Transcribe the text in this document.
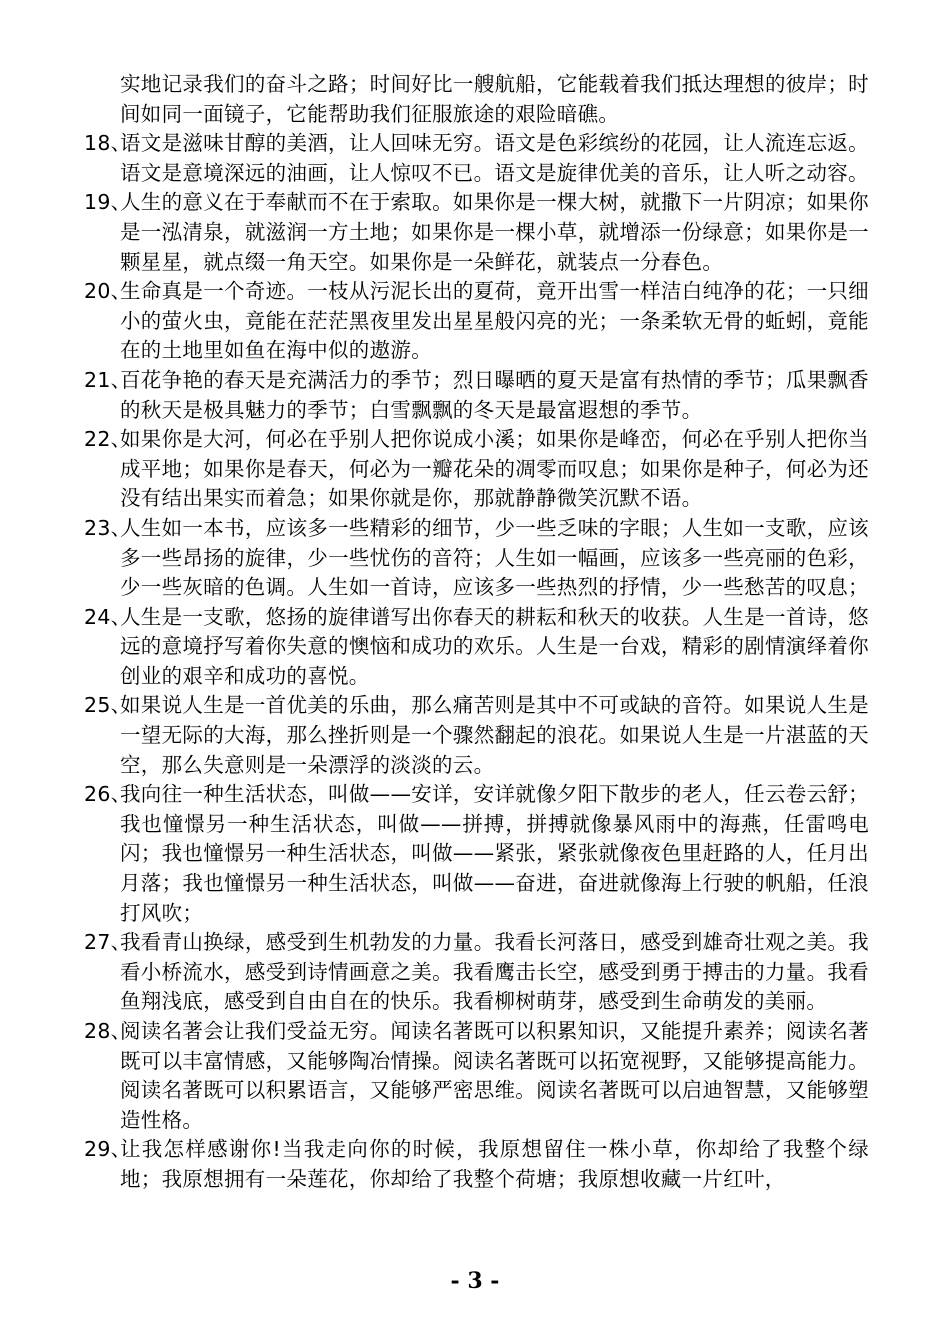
实地记录我们的奋斗之路；时间好比一艘航船，它能载着我们抵达理想的彼岸；时间如同一面镜子，它能帮助我们征服旅途的艰险暗礁。
18、
语文是滋味甘醇的美酒，让人回味无穷。语文是色彩缤纷的花园，让人流连忘返。语文是意境深远的油画，让人惊叹不已。语文是旋律优美的音乐，让人听之动容。
19、
人生的意义在于奉献而不在于索取。如果你是一棵大树，就撒下一片阴凉；如果你是一泓清泉，就滋润一方土地；如果你是一棵小草，就增添一份绿意；如果你是一颗星星，就点缀一角天空。如果你是一朵鲜花，就装点一分春色。
20、
生命真是一个奇迹。一枝从污泥长出的夏荷，竟开出雪一样洁白纯净的花；一只细小的萤火虫，竟能在茫茫黑夜里发出星星般闪亮的光；一条柔软无骨的蚯蚓，竟能在的土地里如鱼在海中似的遨游。
21、
百花争艳的春天是充满活力的季节；烈日曝晒的夏天是富有热情的季节；瓜果飘香的秋天是极具魅力的季节；白雪飘飘的冬天是最富遐想的季节。
22、
如果你是大河，何必在乎别人把你说成小溪；如果你是峰峦，何必在乎别人把你当成平地；如果你是春天，何必为一瓣花朵的凋零而叹息；如果你是种子，何必为还没有结出果实而着急；如果你就是你，那就静静微笑沉默不语。
23、
人生如一本书，应该多一些精彩的细节，少一些乏味的字眼；人生如一支歌，应该多一些昂扬的旋律，少一些忧伤的音符；人生如一幅画，应该多一些亮丽的色彩，少一些灰暗的色调。人生如一首诗，应该多一些热烈的抒情，少一些愁苦的叹息；
24、
人生是一支歌，悠扬的旋律谱写出你春天的耕耘和秋天的收获。人生是一首诗，悠远的意境抒写着你失意的懊恼和成功的欢乐。人生是一台戏，精彩的剧情演绎着你创业的艰辛和成功的喜悦。
25、
如果说人生是一首优美的乐曲，那么痛苦则是其中不可或缺的音符。如果说人生是一望无际的大海，那么挫折则是一个骤然翻起的浪花。如果说人生是一片湛蓝的天空，那么失意则是一朵漂浮的淡淡的云。
26、
我向往一种生活状态，叫做——安详，安详就像夕阳下散步的老人，任云卷云舒；我也憧憬另一种生活状态，叫做——拼搏，拼搏就像暴风雨中的海燕，任雷鸣电闪；我也憧憬另一种生活状态，叫做——紧张，紧张就像夜色里赶路的人，任月出月落；我也憧憬另一种生活状态，叫做——奋进，奋进就像海上行驶的帆船，任浪打风吹；
27、
我看青山换绿，感受到生机勃发的力量。我看长河落日，感受到雄奇壮观之美。我看小桥流水，感受到诗情画意之美。我看鹰击长空，感受到勇于搏击的力量。我看鱼翔浅底，感受到自由自在的快乐。我看柳树萌芽，感受到生命萌发的美丽。
28、
阅读名著会让我们受益无穷。闻读名著既可以积累知识，又能提升素养；阅读名著既可以丰富情感，又能够陶冶情操。阅读名著既可以拓宽视野，又能够提高能力。阅读名著既可以积累语言，又能够严密思维。阅读名著既可以启迪智慧，又能够塑造性格。
29、
让我怎样感谢你!当我走向你的时候，我原想留住一株小草，你却给了我整个绿地；我原想拥有一朵莲花，你却给了我整个荷塘；我原想收藏一片红叶，
- 3 -
